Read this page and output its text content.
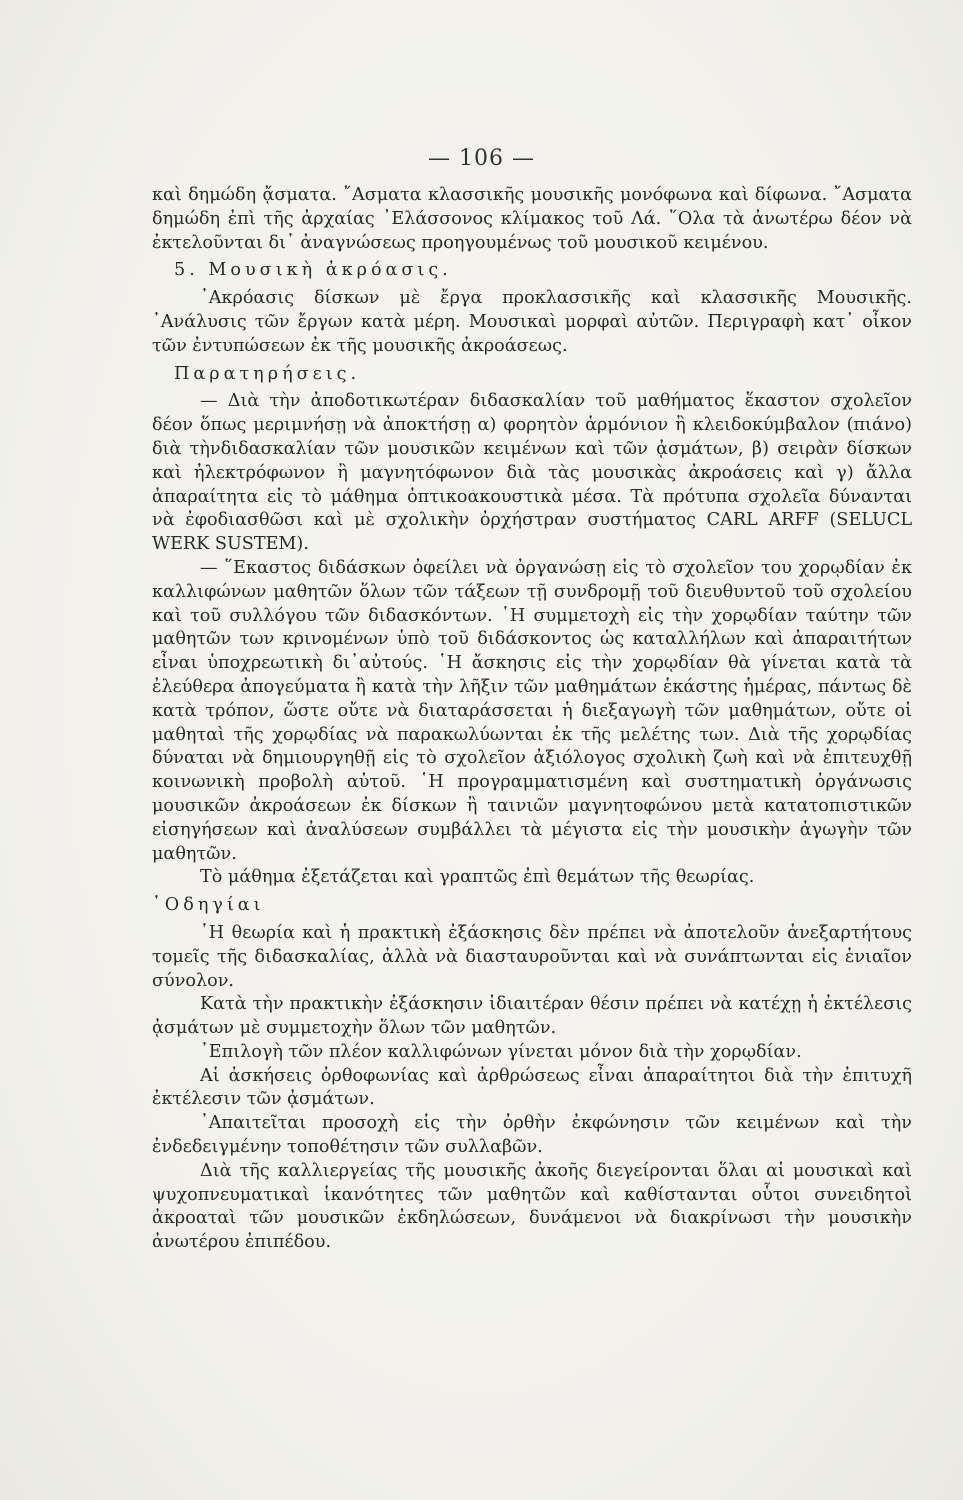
— 106 —

καὶ δημώδη ᾄσματα. ῎Ασματα κλασσικῆς μουσικῆς μονόφωνα καὶ δίφωνα. ῎Ασματα δημώδη ἐπὶ τῆς ἀρχαίας ᾿Ελάσσονος κλίμακος τοῦ Λά. ῞Ολα τὰ ἀνωτέρω δέον νὰ ἐκτελοῦνται δι᾿ ἀναγνώσεως προηγουμένως τοῦ μουσικοῦ κειμένου.

5. Μουσικὴ ἀκρόασις.

᾿Ακρόασις δίσκων μὲ ἔργα προκλασσικῆς καὶ κλασσικῆς Μουσικῆς. ᾿Ανάλυσις τῶν ἔργων κατὰ μέρη. Μουσικαὶ μορφαὶ αὐτῶν. Περιγραφὴ κατ᾿ οἶκον τῶν ἐντυπώσεων ἐκ τῆς μουσικῆς ἀκροάσεως.

Παρατηρήσεις.

— Διὰ τὴν ἀποδοτικωτέραν διδασκαλίαν τοῦ μαθήματος ἕκαστον σχολεῖον δέον ὅπως μεριμνήσῃ νὰ ἀποκτήσῃ α) φορητὸν ἁρμόνιον ἢ κλειδοκύμβαλον (πιάνο) διὰ τὴνδιδασκαλίαν τῶν μουσικῶν κειμένων καὶ τῶν ᾀσμάτων, β) σειρὰν δίσκων καὶ ἠλεκτρόφωνον ἢ μαγνητόφωνον διὰ τὰς μουσικὰς ἀκροάσεις καὶ γ) ἄλλα ἀπαραίτητα εἰς τὸ μάθημα ὀπτικοακουστικὰ μέσα. Τὰ πρότυπα σχολεῖα δύνανται νὰ ἐφοδιασθῶσι καὶ μὲ σχολικὴν ὀρχήστραν συστήματος CARL ARFF (SELUCL WERK SUSTEM).

— ῞Εκαστος διδάσκων ὀφείλει νὰ ὀργανώσῃ εἰς τὸ σχολεῖον του χορῳδίαν ἐκ καλλιφώνων μαθητῶν ὅλων τῶν τάξεων τῇ συνδρομῇ τοῦ διευθυντοῦ τοῦ σχολείου καὶ τοῦ συλλόγου τῶν διδασκόντων. ῾Η συμμετοχὴ εἰς τὴν χορῳδίαν ταύτην τῶν μαθητῶν των κρινομένων ὑπὸ τοῦ διδάσκοντος ὡς καταλλήλων καὶ ἀπαραιτήτων εἶναι ὑποχρεωτικὴ δι᾿αὐτούς. ῾Η ἄσκησις εἰς τὴν χορῳδίαν θὰ γίνεται κατὰ τὰ ἐλεύθερα ἀπογεύματα ἢ κατὰ τὴν λῆξιν τῶν μαθημάτων ἑκάστης ἡμέρας, πάντως δὲ κατὰ τρόπον, ὥστε οὔτε νὰ διαταράσσεται ἡ διεξαγωγὴ τῶν μαθημάτων, οὔτε οἱ μαθηταὶ τῆς χορῳδίας νὰ παρακωλύωνται ἐκ τῆς μελέτης των. Διὰ τῆς χορῳδίας δύναται νὰ δημιουργηθῇ εἰς τὸ σχολεῖον ἀξιόλογος σχολικὴ ζωὴ καὶ νὰ ἐπιτευχθῇ κοινωνικὴ προβολὴ αὐτοῦ. ῾Η προγραμματισμένη καὶ συστηματικὴ ὀργάνωσις μουσικῶν ἀκροάσεων ἐκ δίσκων ἢ ταινιῶν μαγνητοφώνου μετὰ κατατοπιστικῶν εἰσηγήσεων καὶ ἀναλύσεων συμβάλλει τὰ μέγιστα εἰς τὴν μουσικὴν ἀγωγὴν τῶν μαθητῶν.

Τὸ μάθημα ἐξετάζεται καὶ γραπτῶς ἐπὶ θεμάτων τῆς θεωρίας.

῾Οδηγίαι

῾Η θεωρία καὶ ἡ πρακτικὴ ἐξάσκησις δὲν πρέπει νὰ ἀποτελοῦν ἀνεξαρτήτους τομεῖς τῆς διδασκαλίας, ἀλλὰ νὰ διασταυροῦνται καὶ νὰ συνάπτωνται εἰς ἑνιαῖον σύνολον.

Κατὰ τὴν πρακτικὴν ἐξάσκησιν ἰδιαιτέραν θέσιν πρέπει νὰ κατέχῃ ἡ ἐκτέλεσις ᾀσμάτων μὲ συμμετοχὴν ὅλων τῶν μαθητῶν.

᾿Επιλογὴ τῶν πλέον καλλιφώνων γίνεται μόνον διὰ τὴν χορῳδίαν.

Αἱ ἀσκήσεις ὀρθοφωνίας καὶ ἀρθρώσεως εἶναι ἀπαραίτητοι διὰ τὴν ἐπιτυχῆ ἐκτέλεσιν τῶν ᾀσμάτων.

᾿Απαιτεῖται προσοχὴ εἰς τὴν ὀρθὴν ἐκφώνησιν τῶν κειμένων καὶ τὴν ἐνδεδειγμένην τοποθέτησιν τῶν συλλαβῶν.

Διὰ τῆς καλλιεργείας τῆς μουσικῆς ἀκοῆς διεγείρονται ὅλαι αἱ μουσικαὶ καὶ ψυχοπνευματικαὶ ἱκανότητες τῶν μαθητῶν καὶ καθίστανται οὗτοι συνειδητοὶ ἀκροαταὶ τῶν μουσικῶν ἐκδηλώσεων, δυνάμενοι νὰ διακρίνωσι τὴν μουσικὴν ἀνωτέρου ἐπιπέδου.
